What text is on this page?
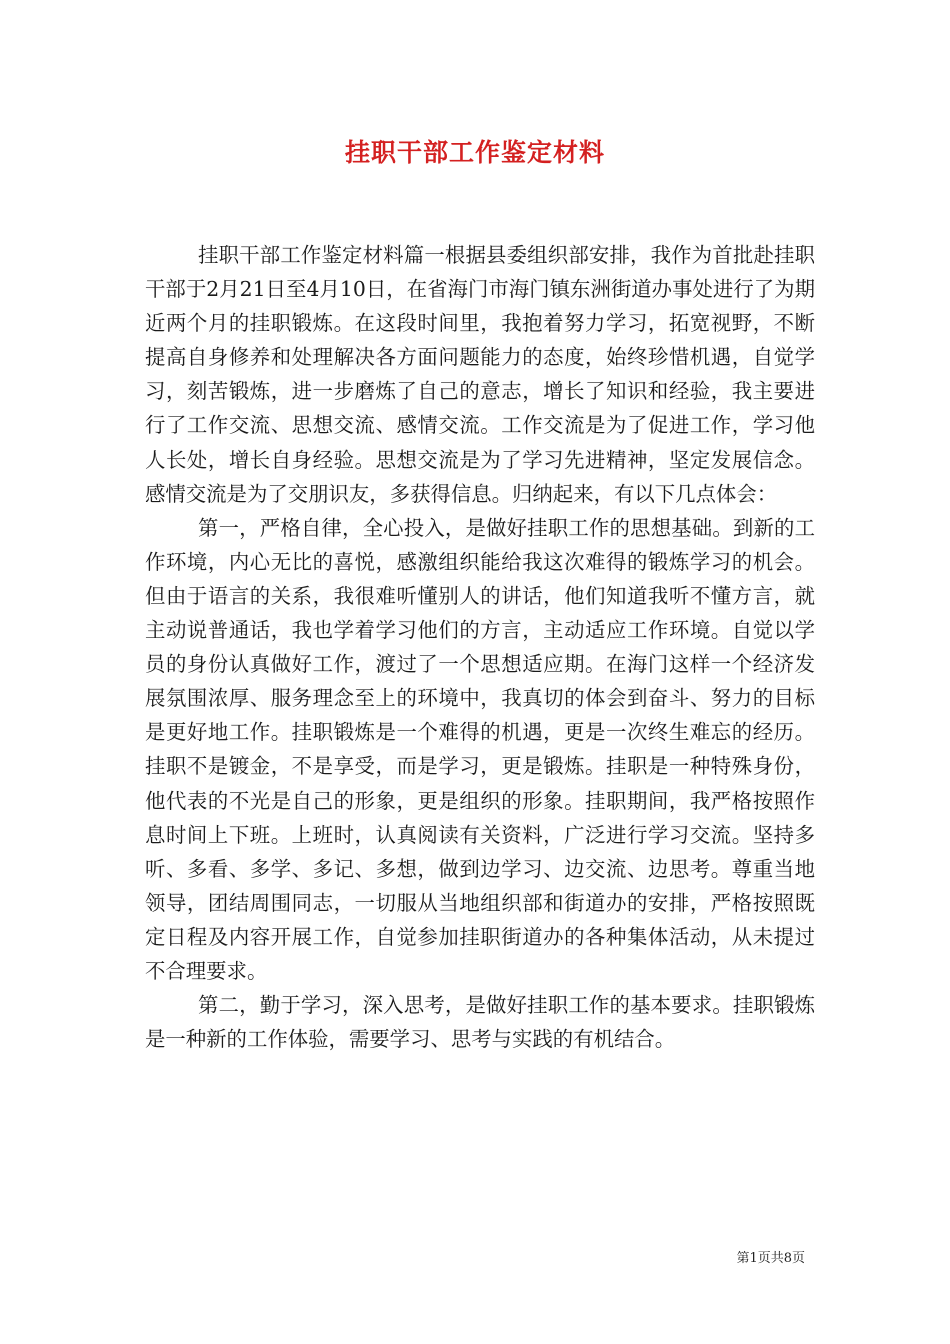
挂职干部工作鉴定材料

挂职干部工作鉴定材料篇一根据县委组织部安排，我作为首批赴挂职干部于2月21日至4月10日，在省海门市海门镇东洲街道办事处进行了为期近两个月的挂职锻炼。在这段时间里，我抱着努力学习，拓宽视野，不断提高自身修养和处理解决各方面问题能力的态度，始终珍惜机遇，自觉学习，刻苦锻炼，进一步磨炼了自己的意志，增长了知识和经验，我主要进行了工作交流、思想交流、感情交流。工作交流是为了促进工作，学习他人长处，增长自身经验。思想交流是为了学习先进精神，坚定发展信念。感情交流是为了交朋识友，多获得信息。归纳起来，有以下几点体会：

第一，严格自律，全心投入，是做好挂职工作的思想基础。到新的工作环境，内心无比的喜悦，感激组织能给我这次难得的锻炼学习的机会。但由于语言的关系，我很难听懂别人的讲话，他们知道我听不懂方言，就主动说普通话，我也学着学习他们的方言，主动适应工作环境。自觉以学员的身份认真做好工作，渡过了一个思想适应期。在海门这样一个经济发展氛围浓厚、服务理念至上的环境中，我真切的体会到奋斗、努力的目标是更好地工作。挂职锻炼是一个难得的机遇，更是一次终生难忘的经历。挂职不是镀金，不是享受，而是学习，更是锻炼。挂职是一种特殊身份，他代表的不光是自己的形象，更是组织的形象。挂职期间，我严格按照作息时间上下班。上班时，认真阅读有关资料，广泛进行学习交流。坚持多听、多看、多学、多记、多想，做到边学习、边交流、边思考。尊重当地领导，团结周围同志，一切服从当地组织部和街道办的安排，严格按照既定日程及内容开展工作，自觉参加挂职街道办的各种集体活动，从未提过不合理要求。

第二，勤于学习，深入思考，是做好挂职工作的基本要求。挂职锻炼是一种新的工作体验，需要学习、思考与实践的有机结合。

第1页共8页
